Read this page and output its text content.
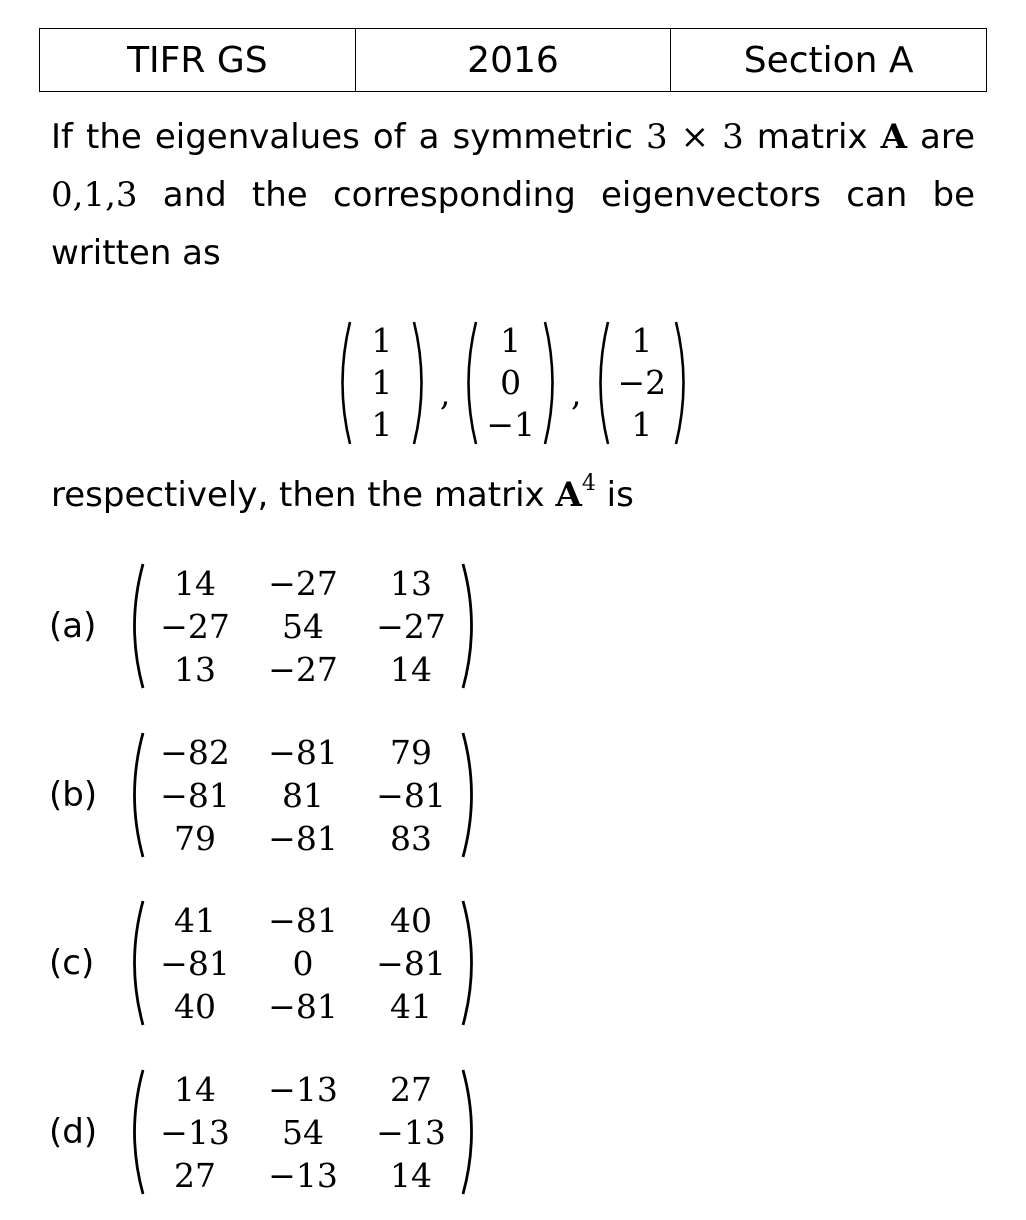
TIFR GS	2016	Section A
If the eigenvalues of a symmetric 3 × 3 matrix A are 0,1,3 and the corresponding eigenvectors can be written as
1
1
1
,
1
0
−1
,
1
−2
1
respectively, then the matrix $A^4$ is
(a)
14	−27	13
−27	54	−27
13	−27	14
(b)
−82	−81	79
−81	81	−81
79	−81	83
(c)
41	−81	40
−81	0	−81
40	−81	41
(d)
14	−13	27
−13	54	−13
27	−13	14
